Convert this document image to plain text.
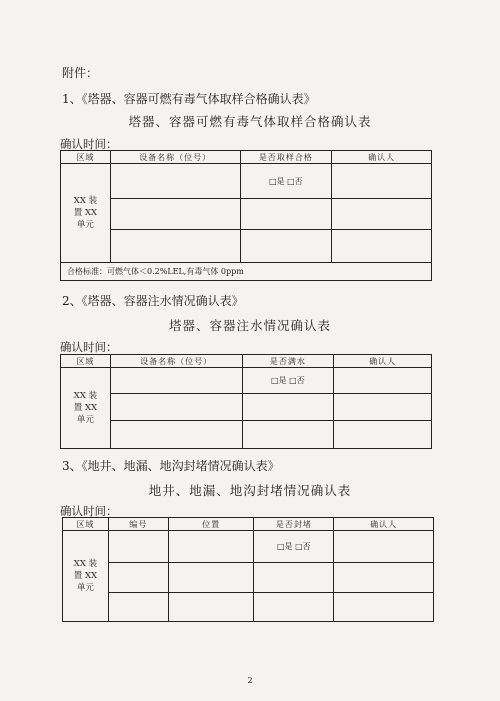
附件：
1、《塔器、容器可燃有毒气体取样合格确认表》
塔器、容器可燃有毒气体取样合格确认表
确认时间：
区域	设备名称（位号）	是否取样合格	确认人

XX 装
置 XX
单元		□是 □否	

合格标准：可燃气体＜0.2%LEL,有毒气体 0ppm			
2、《塔器、容器注水情况确认表》
塔器、容器注水情况确认表
确认时间：
区域	设备名称（位号）	是否满水	确认人

XX 装
置 XX
单元		□是 □否	

3、《地井、地漏、地沟封堵情况确认表》
地井、地漏、地沟封堵情况确认表
确认时间：
区域	编号	位置	是否封堵	确认人

XX 装
置 XX
单元			□是 □否	

2
